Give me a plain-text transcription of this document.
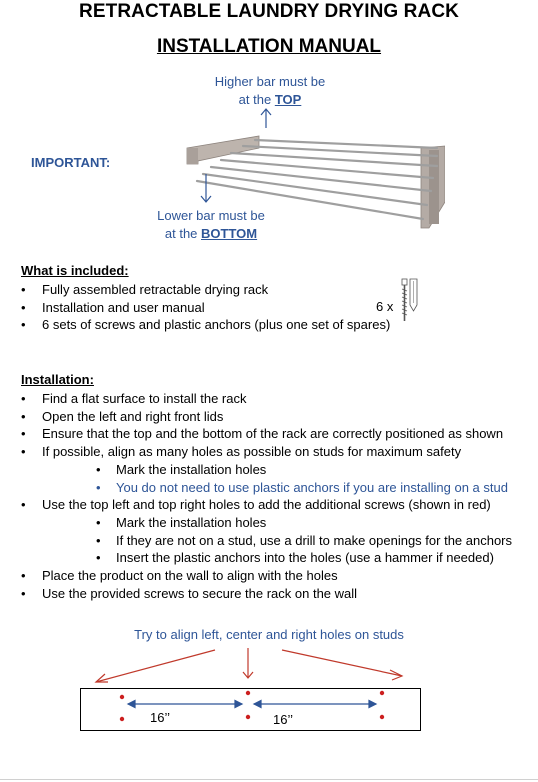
RETRACTABLE LAUNDRY DRYING RACK
INSTALLATION MANUAL
Higher bar must be
at the TOP
IMPORTANT:
Lower bar must be
at the BOTTOM
What is included:
• Fully assembled retractable drying rack
• Installation and user manual
• 6 sets of screws and plastic anchors (plus one set of spares)
6 x
Installation:
• Find a flat surface to install the rack
• Open the left and right front lids
• Ensure that the top and the bottom of the rack are correctly positioned as shown
• If possible, align as many holes as possible on studs for maximum safety
• Mark the installation holes
• You do not need to use plastic anchors if you are installing on a stud
• Use the top left and top right holes to add the additional screws (shown in red)
• Mark the installation holes
• If they are not on a stud, use a drill to make openings for the anchors
• Insert the plastic anchors into the holes (use a hammer if needed)
• Place the product on the wall to align with the holes
• Use the provided screws to secure the rack on the wall
Try to align left, center and right holes on studs
16’’	16’’
